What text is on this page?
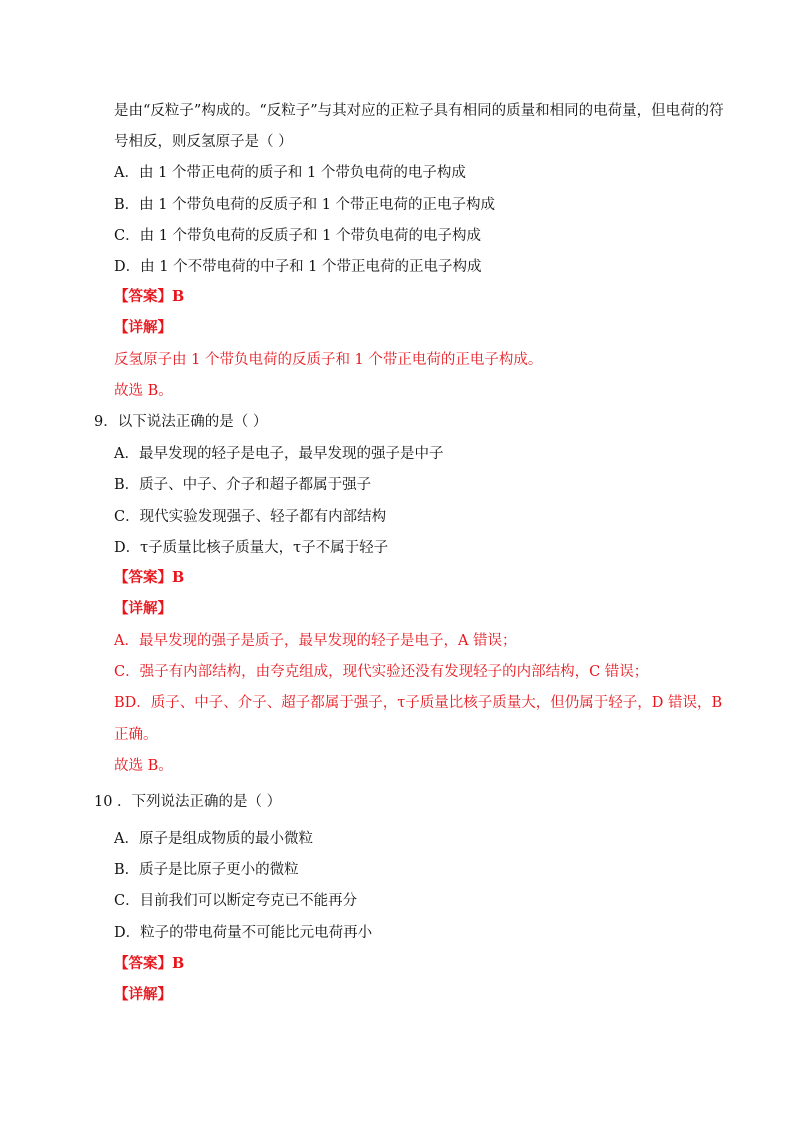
是由“反粒子”构成的。“反粒子”与其对应的正粒子具有相同的质量和相同的电荷量，但电荷的符
号相反，则反氢原子是（ ）
A．由 1 个带正电荷的质子和 1 个带负电荷的电子构成
B．由 1 个带负电荷的反质子和 1 个带正电荷的正电子构成
C．由 1 个带负电荷的反质子和 1 个带负电荷的电子构成
D．由 1 个不带电荷的中子和 1 个带正电荷的正电子构成
【答案】B
【详解】
反氢原子由 1 个带负电荷的反质子和 1 个带正电荷的正电子构成。
故选 B。
9．以下说法正确的是（ ）
A．最早发现的轻子是电子，最早发现的强子是中子
B．质子、中子、介子和超子都属于强子
C．现代实验发现强子、轻子都有内部结构
D．τ子质量比核子质量大，τ子不属于轻子
【答案】B
【详解】
A．最早发现的强子是质子，最早发现的轻子是电子，A 错误；
C．强子有内部结构，由夸克组成，现代实验还没有发现轻子的内部结构，C 错误；
BD．质子、中子、介子、超子都属于强子，τ子质量比核子质量大，但仍属于轻子，D 错误，B
正确。
故选 B。
10 ．下列说法正确的是（ ）
A．原子是组成物质的最小微粒
B．质子是比原子更小的微粒
C．目前我们可以断定夸克已不能再分
D．粒子的带电荷量不可能比元电荷再小
【答案】B
【详解】
